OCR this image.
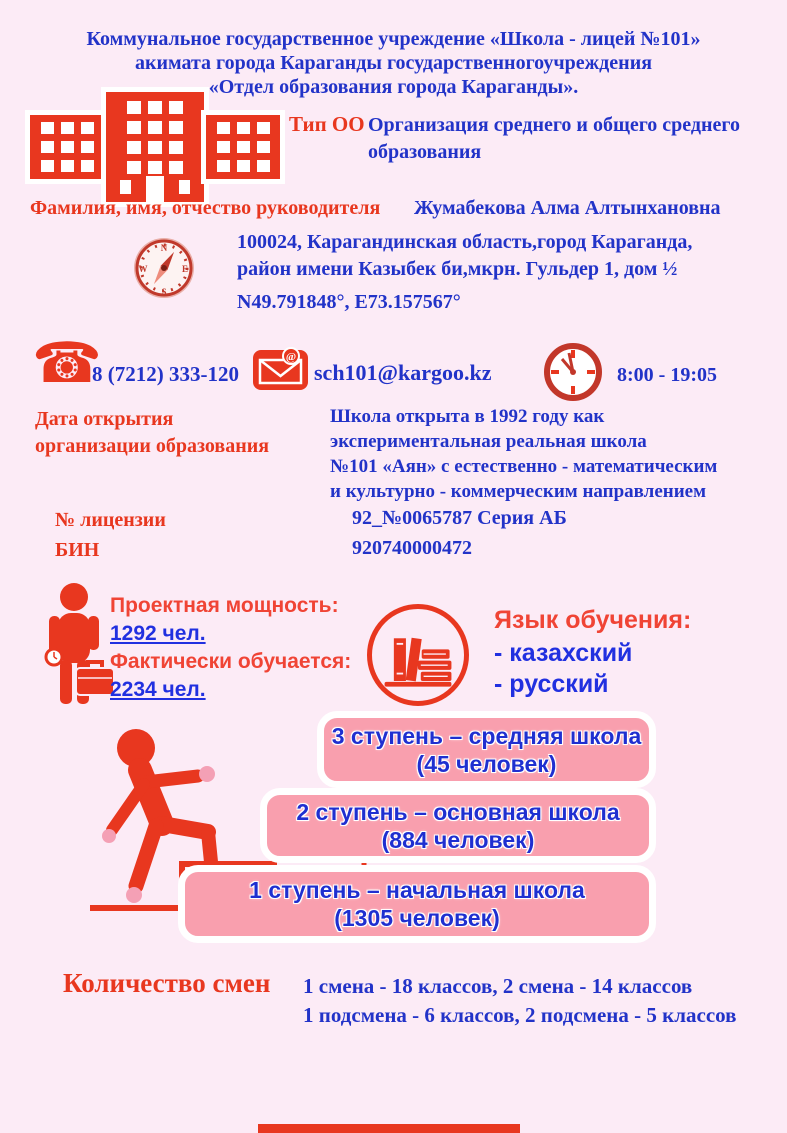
Коммунальное государственное учреждение «Школа - лицей №101»
акимата города Караганды государственногоучреждения
«Отдел образования города Караганды».
Тип ОО Организация среднего и общего среднего образования
Фамилия, имя, отчество руководителя Жумабекова Алма Алтынхановна
N
E
S
W
100024, Карагандинская область,город Караганда,
район имени Казыбек би,мкрн. Гульдер 1, дом ½
N49.791848°, E73.157567°
☎
8 (7212) 333-120
@
sch101@kargoo.kz	8:00 - 19:05
Дата открытия
организации образования
Школа открыта в 1992 году как
экспериментальная реальная школа
№101 «Аян» с естественно - математическим
и культурно - коммерческим направлением
№ лицензии	92_№0065787 Серия АБ
БИН	920740000472
Проектная мощность:
1292 чел.
Фактически обучается:
2234 чел.
Язык обучения:
- казахский
- русский
3 ступень – средняя школа
(45 человек)
2 ступень – основная школа
(884 человек)
1 ступень – начальная школа
(1305 человек)
Количество смен 1 смена - 18 классов, 2 смена - 14 классов
1 подсмена - 6 классов, 2 подсмена - 5 классов
